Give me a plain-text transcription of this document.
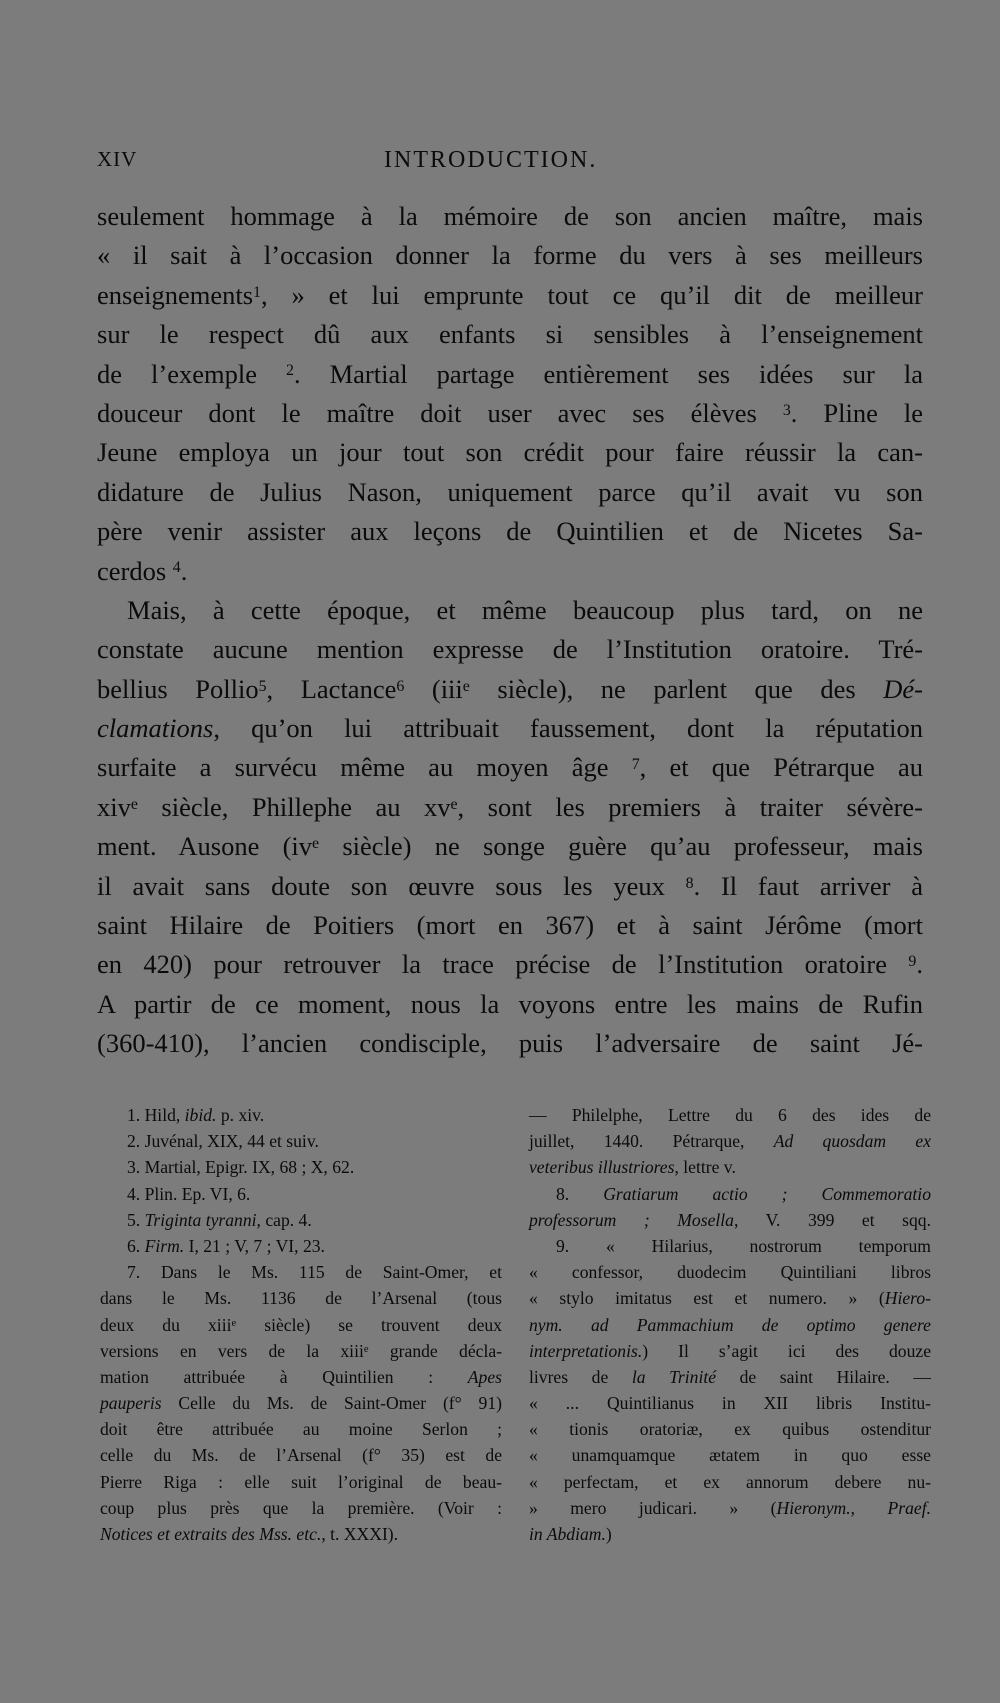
XIV	INTRODUCTION.
seulement hommage à la mémoire de son ancien maître, mais
« il sait à l’occasion donner la forme du vers à ses meilleurs
enseignements$^1$, » et lui emprunte tout ce qu’il dit de meilleur
sur le respect dû aux enfants si sensibles à l’enseignement
de l’exemple $^2$. Martial partage entièrement ses idées sur la
douceur dont le maître doit user avec ses élèves $^3$. Pline le
Jeune employa un jour tout son crédit pour faire réussir la can-
didature de Julius Nason, uniquement parce qu’il avait vu son
père venir assister aux leçons de Quintilien et de Nicetes Sa-
cerdos $^4$.
Mais, à cette époque, et même beaucoup plus tard, on ne
constate aucune mention expresse de l’Institution oratoire. Tré-
bellius Pollio$^5$, Lactance$^6$ (iii$^e$ siècle), ne parlent que des Dé-
clamations, qu’on lui attribuait faussement, dont la réputation
surfaite a survécu même au moyen âge $^7$, et que Pétrarque au
xiv$^e$ siècle, Phillephe au $xv^e$, sont les premiers à traiter sévère-
ment. Ausone ($iv^e$ siècle) ne songe guère qu’au professeur, mais
il avait sans doute son œuvre sous les yeux $^8$. Il faut arriver à
saint Hilaire de Poitiers (mort en 367) et à saint Jérôme (mort
en 420) pour retrouver la trace précise de l’Institution oratoire $^9$.
A partir de ce moment, nous la voyons entre les mains de Rufin
(360-410), l’ancien condisciple, puis l’adversaire de saint Jé-
1. Hild, ibid. p. xiv.
2. Juvénal, XIX, 44 et suiv.
3. Martial, Epigr. IX, 68 ; X, 62.
4. Plin. Ep. VI, 6.
5. Triginta tyranni, cap. 4.
6. Firm. I, 21 ; V, 7 ; VI, 23.
7. Dans le Ms. 115 de Saint-Omer, et
dans le Ms. 1136 de l’Arsenal (tous
deux du xiii$^e$ siècle) se trouvent deux
versions en vers de la xiii$^e$ grande décla-
mation attribuée à Quintilien : Apes
pauperis Celle du Ms. de Saint-Omer (f° 91)
doit être attribuée au moine Serlon ;
celle du Ms. de l’Arsenal (f° 35) est de
Pierre Riga : elle suit l’original de beau-
coup plus près que la première. (Voir :
Notices et extraits des Mss. etc., t. XXXI).
— Philelphe, Lettre du 6 des ides de
juillet, 1440. Pétrarque, Ad quosdam ex
veteribus illustriores, lettre v.
8. Gratiarum actio ; Commemoratio
professorum ; Mosella, V. 399 et sqq.
9. « Hilarius, nostrorum temporum
« confessor, duodecim Quintiliani libros
« stylo imitatus est et numero. » (Hiero-
nym. ad Pammachium de optimo genere
interpretationis.) Il s’agit ici des douze
livres de la Trinité de saint Hilaire. —
« ... Quintilianus in XII libris Institu-
« tionis oratoriæ, ex quibus ostenditur
« unamquamque ætatem in quo esse
« perfectam, et ex annorum debere nu-
» mero judicari. » (Hieronym., Praef.
in Abdiam.)
